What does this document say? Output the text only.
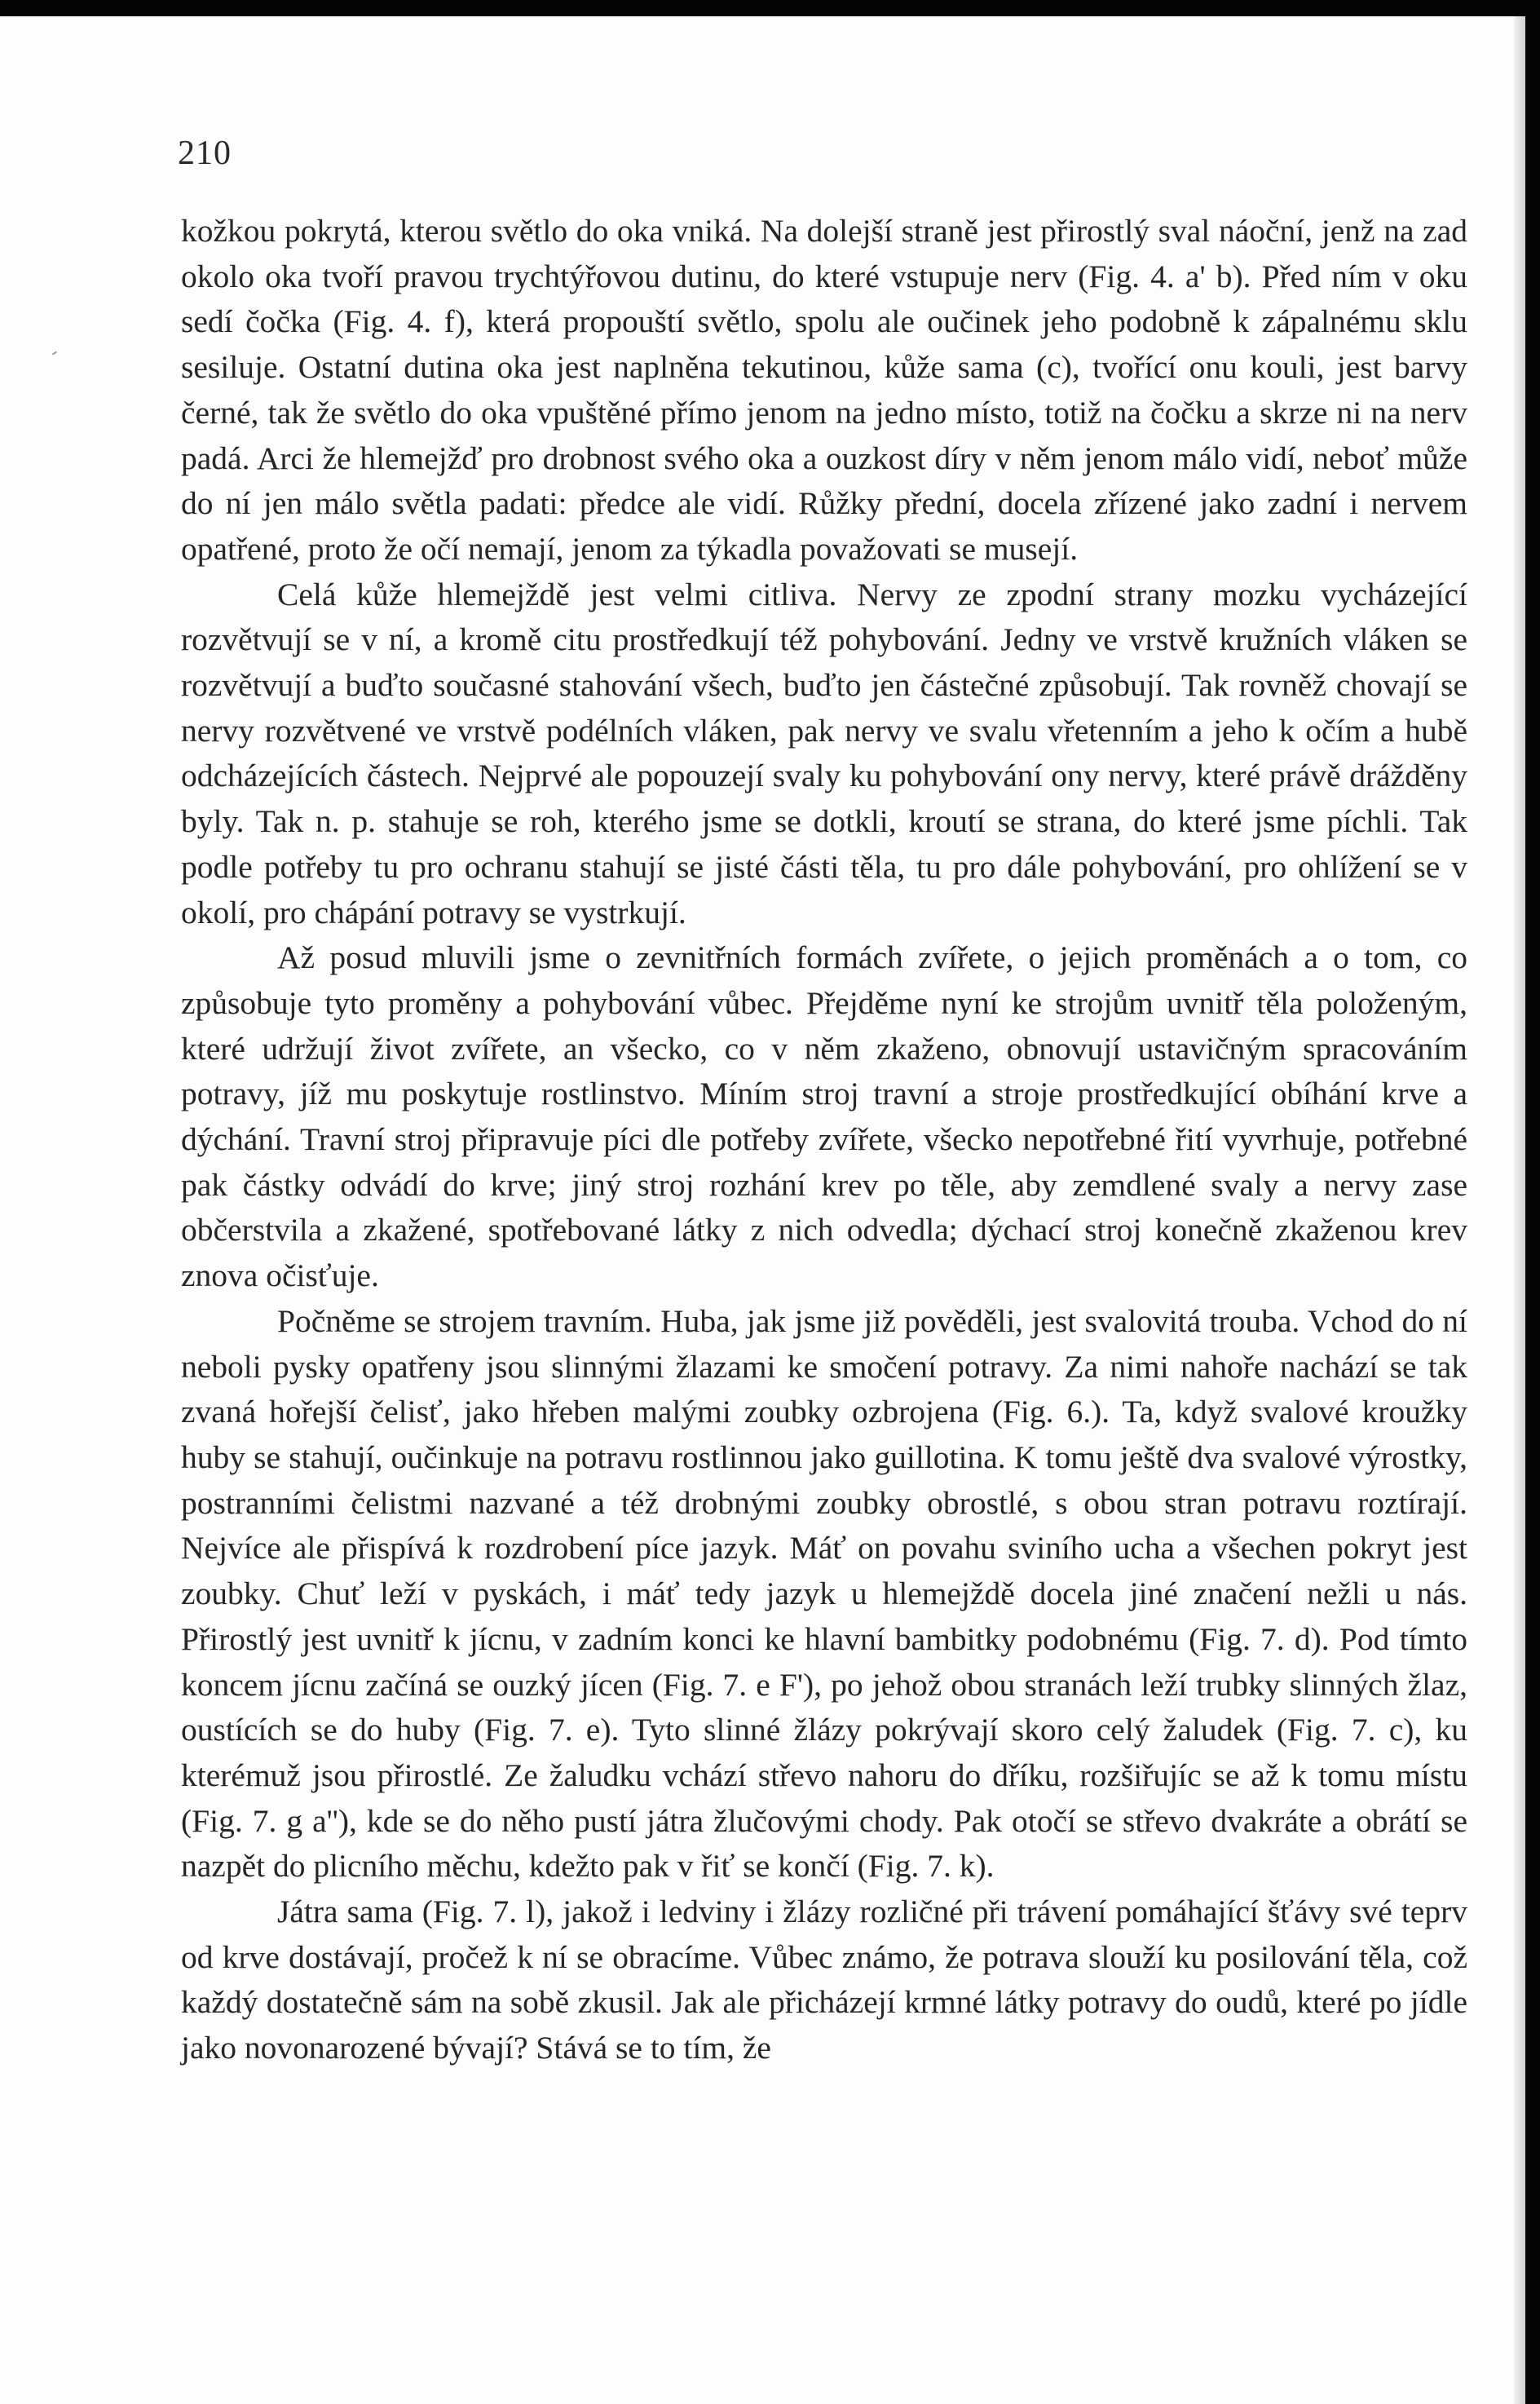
210

kožkou pokrytá, kterou světlo do oka vniká. Na dolejší straně jest přirostlý sval náoční, jenž na zad okolo oka tvoří pravou trychtýřovou dutinu, do které vstupuje nerv (Fig. 4. a' b). Před ním v oku sedí čočka (Fig. 4. f), která propouští světlo, spolu ale oučinek jeho podobně k zápalnému sklu sesiluje. Ostatní dutina oka jest naplněna tekutinou, kůže sama (c), tvořící onu kouli, jest barvy černé, tak že světlo do oka vpuštěné přímo jenom na jedno místo, totiž na čočku a skrze ni na nerv padá. Arci že hlemejžď pro drobnost svého oka a ouzkost díry v něm jenom málo vidí, neboť může do ní jen málo světla padati: předce ale vidí. Růžky přední, docela zřízené jako zadní i nervem opatřené, proto že očí nemají, jenom za týkadla považovati se musejí.

Celá kůže hlemejždě jest velmi citliva. Nervy ze zpodní strany mozku vycházející rozvětvují se v ní, a kromě citu prostředkují též pohybování. Jedny ve vrstvě kružních vláken se rozvětvují a buďto současné stahování všech, buďto jen částečné způsobují. Tak rovněž chovají se nervy rozvětvené ve vrstvě podélních vláken, pak nervy ve svalu vřetenním a jeho k očím a hubě odcházejících částech. Nejprvé ale popouzejí svaly ku pohybování ony nervy, které právě drážděny byly. Tak n. p. stahuje se roh, kterého jsme se dotkli, kroutí se strana, do které jsme píchli. Tak podle potřeby tu pro ochranu stahují se jisté části těla, tu pro dále pohybování, pro ohlížení se v okolí, pro chápání potravy se vystrkují.

Až posud mluvili jsme o zevnitřních formách zvířete, o jejich proměnách a o tom, co způsobuje tyto proměny a pohybování vůbec. Přejděme nyní ke strojům uvnitř těla položeným, které udržují život zvířete, an všecko, co v něm zkaženo, obnovují ustavičným spracováním potravy, jíž mu poskytuje rostlinstvo. Míním stroj travní a stroje prostředkující obíhání krve a dýchání. Travní stroj připravuje píci dle potřeby zvířete, všecko nepotřebné řití vyvrhuje, potřebné pak částky odvádí do krve; jiný stroj rozhání krev po těle, aby zemdlené svaly a nervy zase občerstvila a zkažené, spotřebované látky z nich odvedla; dýchací stroj konečně zkaženou krev znova očisťuje.

Počněme se strojem travním. Huba, jak jsme již pověděli, jest svalovitá trouba. Vchod do ní neboli pysky opatřeny jsou slinnými žlazami ke smočení potravy. Za nimi nahoře nachází se tak zvaná hořejší čelisť, jako hřeben malými zoubky ozbrojena (Fig. 6.). Ta, když svalové kroužky huby se stahují, oučinkuje na potravu rostlinnou jako guillotina. K tomu ještě dva svalové výrostky, postranními čelistmi nazvané a též drobnými zoubky obrostlé, s obou stran potravu roztírají. Nejvíce ale přispívá k rozdrobení píce jazyk. Máť on povahu sviního ucha a všechen pokryt jest zoubky. Chuť leží v pyskách, i máť tedy jazyk u hlemejždě docela jiné značení nežli u nás. Přirostlý jest uvnitř k jícnu, v zadním konci ke hlavní bambitky podobnému (Fig. 7. d). Pod tímto koncem jícnu začíná se ouzký jícen (Fig. 7. e F'), po jehož obou stranách leží trubky slinných žlaz, oustících se do huby (Fig. 7. e). Tyto slinné žlázy pokrývají skoro celý žaludek (Fig. 7. c), ku kterémuž jsou přirostlé. Ze žaludku vchází střevo nahoru do dříku, rozšiřujíc se až k tomu místu (Fig. 7. g a''), kde se do něho pustí játra žlučovými chody. Pak otočí se střevo dvakráte a obrátí se nazpět do plicního měchu, kdežto pak v řiť se končí (Fig. 7. k).

Játra sama (Fig. 7. l), jakož i ledviny i žlázy rozličné při trávení pomáhající šťávy své teprv od krve dostávají, pročež k ní se obracíme. Vůbec známo, že potrava slouží ku posilování těla, což každý dostatečně sám na sobě zkusil. Jak ale přicházejí krmné látky potravy do oudů, které po jídle jako novonarozené bývají? Stává se to tím, že
